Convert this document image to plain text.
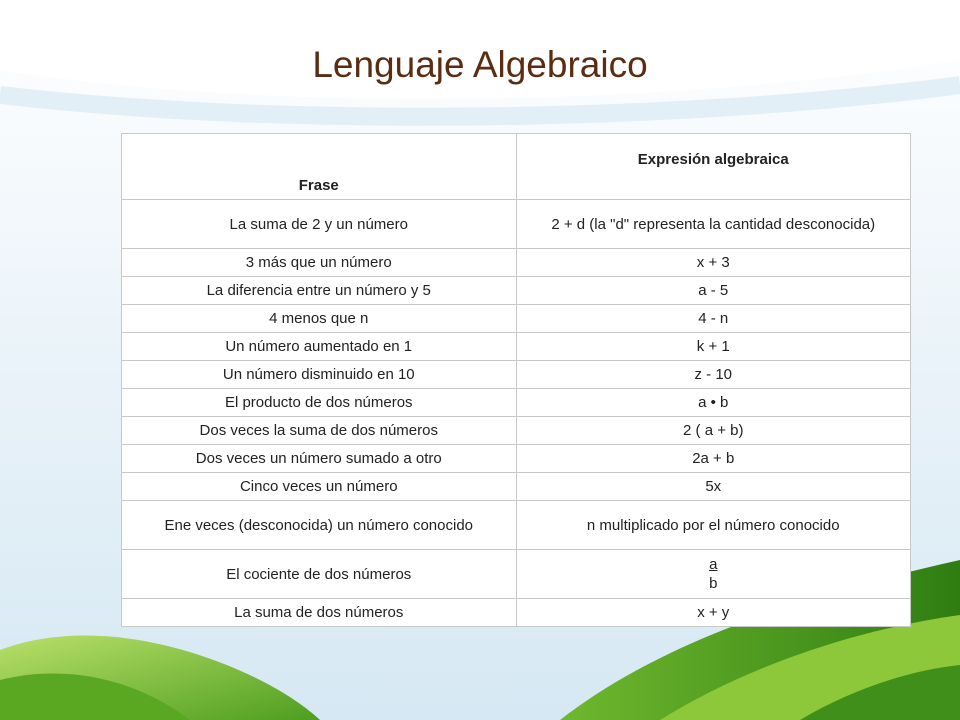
Lenguaje Algebraico
Frase	Expresión algebraica
La suma de 2 y un número	2 + d (la "d" representa la cantidad desconocida)
3 más que un número	x + 3
La diferencia entre un número y 5	a - 5
4 menos que n	4 - n
Un número aumentado en 1	k + 1
Un número disminuido en 10	z - 10
El producto de dos números	a • b
Dos veces la suma de dos números	2 ( a + b)
Dos veces un número sumado a otro	2a + b
Cinco veces un número	5x
Ene veces (desconocida) un número conocido	n multiplicado por el número conocido
El cociente de dos números	$\frac{a}{b}$

La suma de dos números	x + y
